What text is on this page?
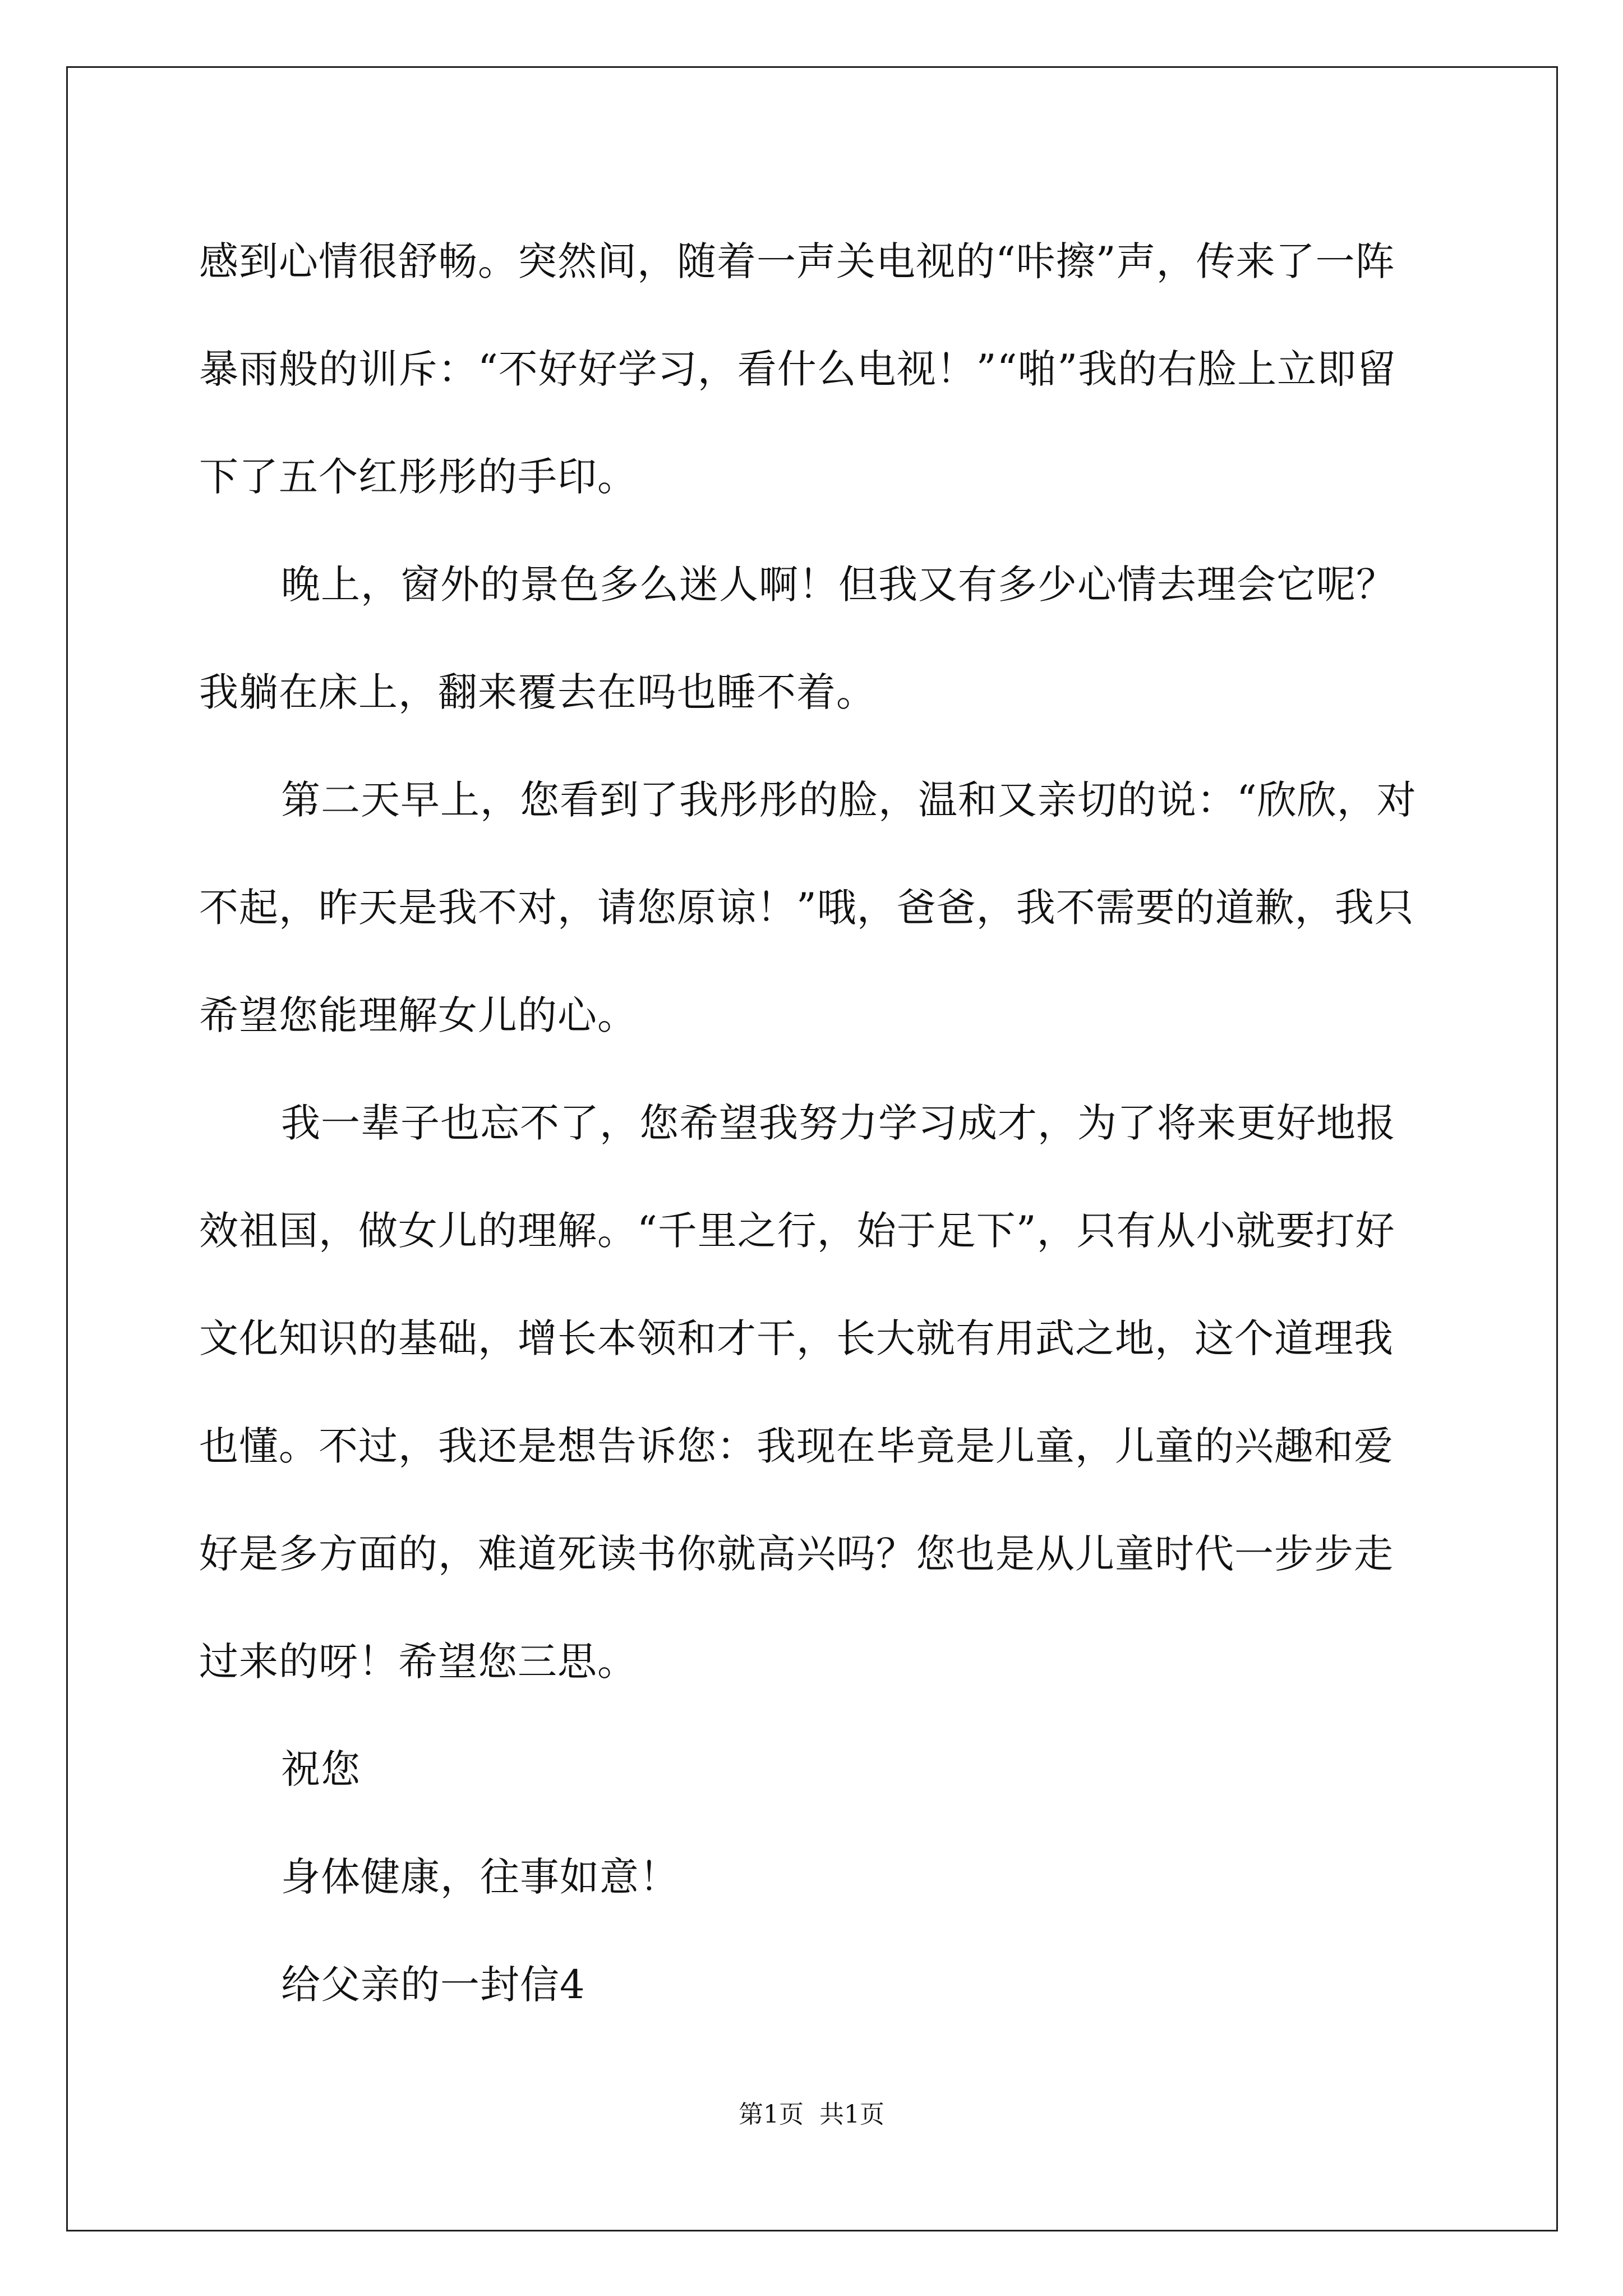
感到心情很舒畅。突然间，随着一声关电视的“咔擦”声，传来了一阵暴雨般的训斥：“不好好学习，看什么电视！”“啪”我的右脸上立即留下了五个红彤彤的手印。

晚上，窗外的景色多么迷人啊！但我又有多少心情去理会它呢？我躺在床上，翻来覆去在吗也睡不着。

第二天早上，您看到了我彤彤的脸，温和又亲切的说：“欣欣，对不起，昨天是我不对，请您原谅！”哦，爸爸，我不需要的道歉，我只希望您能理解女儿的心。

我一辈子也忘不了，您希望我努力学习成才，为了将来更好地报效祖国，做女儿的理解。“千里之行，始于足下”，只有从小就要打好文化知识的基础，增长本领和才干，长大就有用武之地，这个道理我也懂。不过，我还是想告诉您：我现在毕竟是儿童，儿童的兴趣和爱好是多方面的，难道死读书你就高兴吗？您也是从儿童时代一步步走过来的呀！希望您三思。

祝您

身体健康，往事如意！

给父亲的一封信4

第1页 共1页
